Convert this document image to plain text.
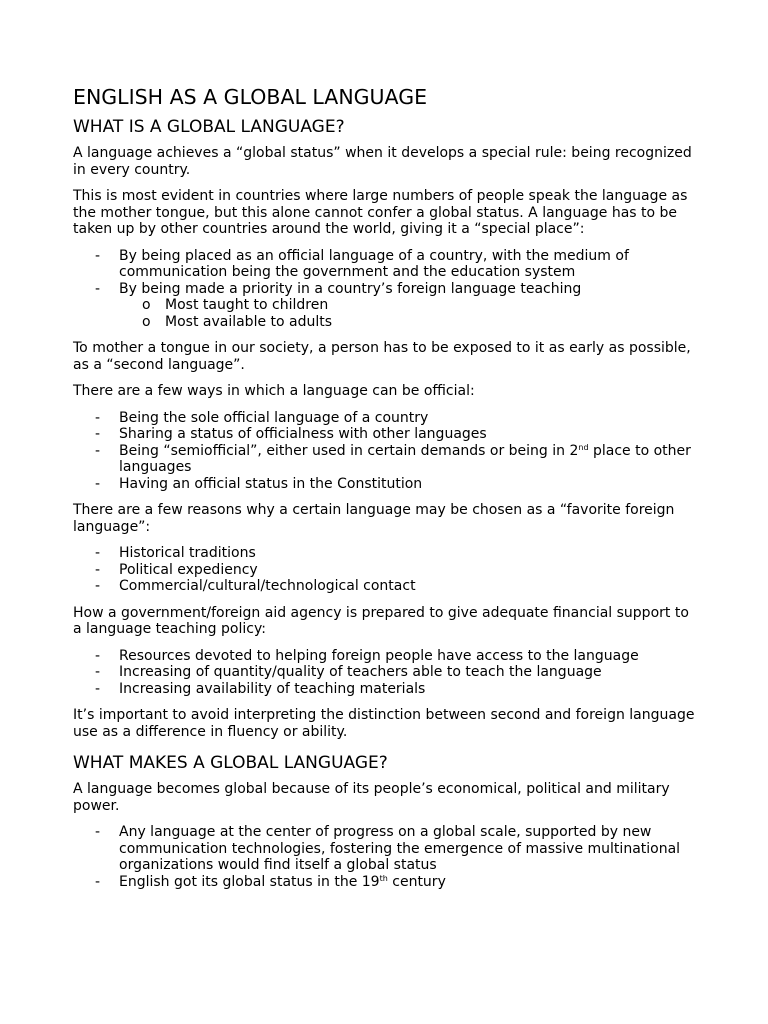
ENGLISH AS A GLOBAL LANGUAGE
WHAT IS A GLOBAL LANGUAGE?

A language achieves a “global status” when it develops a special rule: being recognized in every country.

This is most evident in countries where large numbers of people speak the language as the mother tongue, but this alone cannot confer a global status. A language has to be taken up by other countries around the world, giving it a “special place”:

- By being placed as an official language of a country, with the medium of communication being the government and the education system
- By being made a priority in a country’s foreign language teaching
o Most taught to children
o Most available to adults

To mother a tongue in our society, a person has to be exposed to it as early as possible, as a “second language”.

There are a few ways in which a language can be official:

- Being the sole official language of a country
- Sharing a status of officialness with other languages
- Being “semiofficial”, either used in certain demands or being in 2nd place to other languages
- Having an official status in the Constitution

There are a few reasons why a certain language may be chosen as a “favorite foreign language”:

- Historical traditions
- Political expediency
- Commercial/cultural/technological contact

How a government/foreign aid agency is prepared to give adequate financial support to a language teaching policy:

- Resources devoted to helping foreign people have access to the language
- Increasing of quantity/quality of teachers able to teach the language
- Increasing availability of teaching materials

It’s important to avoid interpreting the distinction between second and foreign language use as a difference in fluency or ability.

WHAT MAKES A GLOBAL LANGUAGE?

A language becomes global because of its people’s economical, political and military power.

- Any language at the center of progress on a global scale, supported by new communication technologies, fostering the emergence of massive multinational organizations would find itself a global status
- English got its global status in the 19th century
